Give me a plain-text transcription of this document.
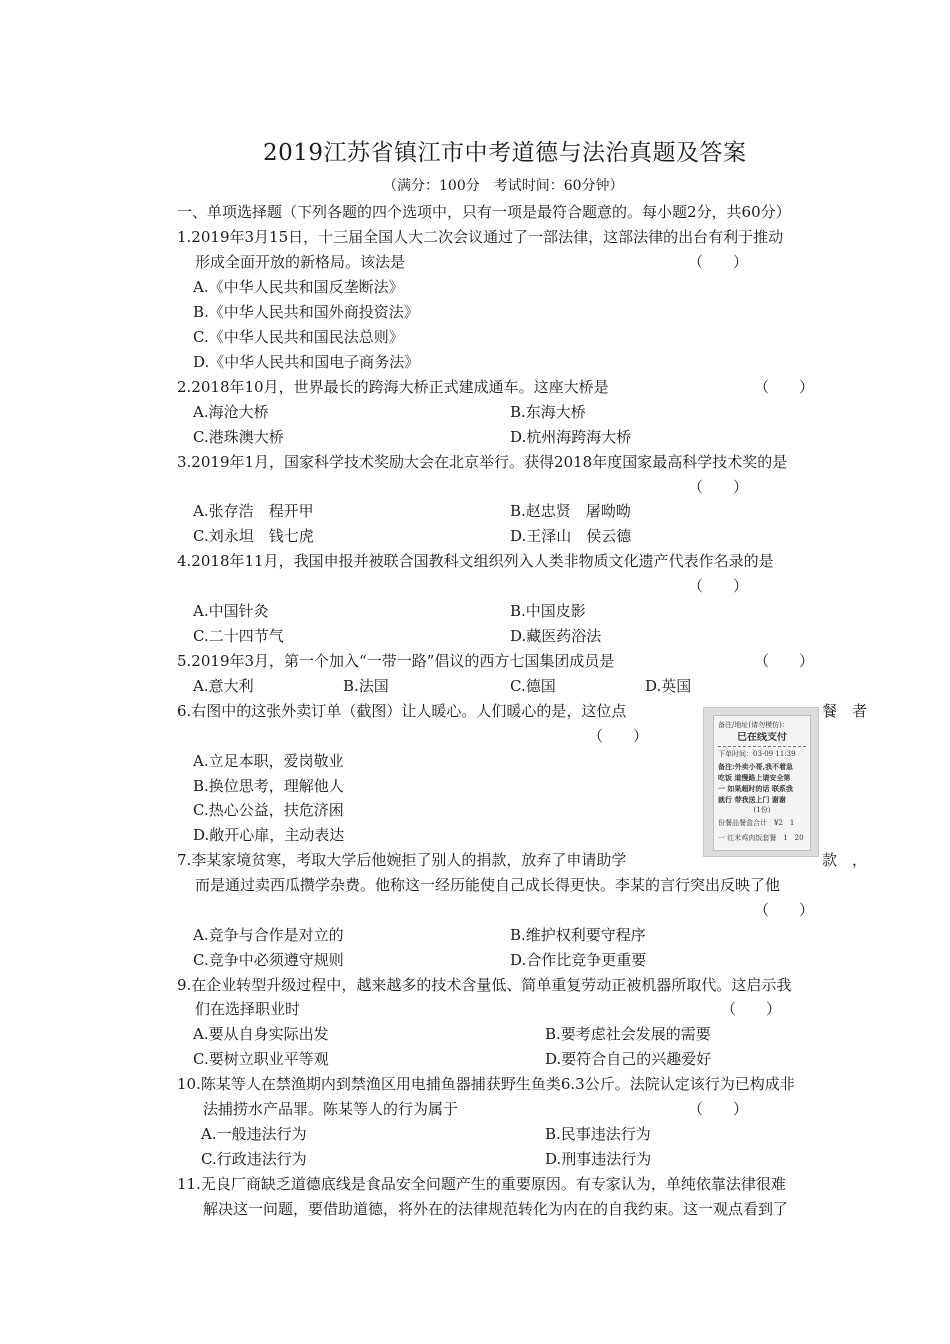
2019江苏省镇江市中考道德与法治真题及答案
（满分：100分　考试时间：60分钟）
一、单项选择题（下列各题的四个选项中，只有一项是最符合题意的。每小题2分，共60分）
1.2019年3月15日，十三届全国人大二次会议通过了一部法律，这部法律的出台有利于推动
形成全面开放的新格局。该法是	（　　）
A.《中华人民共和国反垄断法》
B.《中华人民共和国外商投资法》
C.《中华人民共和国民法总则》
D.《中华人民共和国电子商务法》
2.2018年10月，世界最长的跨海大桥正式建成通车。这座大桥是	（　　）
A.海沧大桥	B.东海大桥
C.港珠澳大桥	D.杭州海跨海大桥
3.2019年1月，国家科学技术奖励大会在北京举行。获得2018年度国家最高科学技术奖的是
（　　）
A.张存浩　程开甲	B.赵忠贤　屠呦呦
C.刘永坦　钱七虎	D.王泽山　侯云德
4.2018年11月，我国申报并被联合国教科文组织列入人类非物质文化遗产代表作名录的是
（　　）
A.中国针灸	B.中国皮影
C.二十四节气	D.藏医药浴法
5.2019年3月，第一个加入“一带一路”倡议的西方七国集团成员是	（　　）
A.意大利	B.法国	C.德国	D.英国
6.右图中的这张外卖订单（截图）让人暖心。人们暖心的是，这位点	餐　者
（　　）
A.立足本职，爱岗敬业
B.换位思考，理解他人
C.热心公益，扶危济困
D.敞开心扉，主动表达
备注/地址(请勿模仿)：
已在线支付
下单时间：03-09 11:39
备注:外卖小哥,我不着急
吃饭 道慢路上请安全第
一 如果超时的话 联系我
就行 带我送上门 谢谢
(1份)
份餐品餐盒合计　¥2　1
一 红米鸡肉饭套餐　1　20
7.李某家境贫寒，考取大学后他婉拒了别人的捐款，放弃了申请助学	款　，
而是通过卖西瓜攒学杂费。他称这一经历能使自己成长得更快。李某的言行突出反映了他
（　　）
A.竞争与合作是对立的	B.维护权利要守程序
C.竞争中必须遵守规则	D.合作比竞争更重要
9.在企业转型升级过程中，越来越多的技术含量低、简单重复劳动正被机器所取代。这启示我
们在选择职业时	（　　）
A.要从自身实际出发	B.要考虑社会发展的需要
C.要树立职业平等观	D.要符合自己的兴趣爱好
10.陈某等人在禁渔期内到禁渔区用电捕鱼器捕获野生鱼类6.3公斤。法院认定该行为已构成非
法捕捞水产品罪。陈某等人的行为属于	（　　）
A.一般违法行为	B.民事违法行为
C.行政违法行为	D.刑事违法行为
11.无良厂商缺乏道德底线是食品安全问题产生的重要原因。有专家认为，单纯依靠法律很难
解决这一问题，要借助道德，将外在的法律规范转化为内在的自我约束。这一观点看到了
